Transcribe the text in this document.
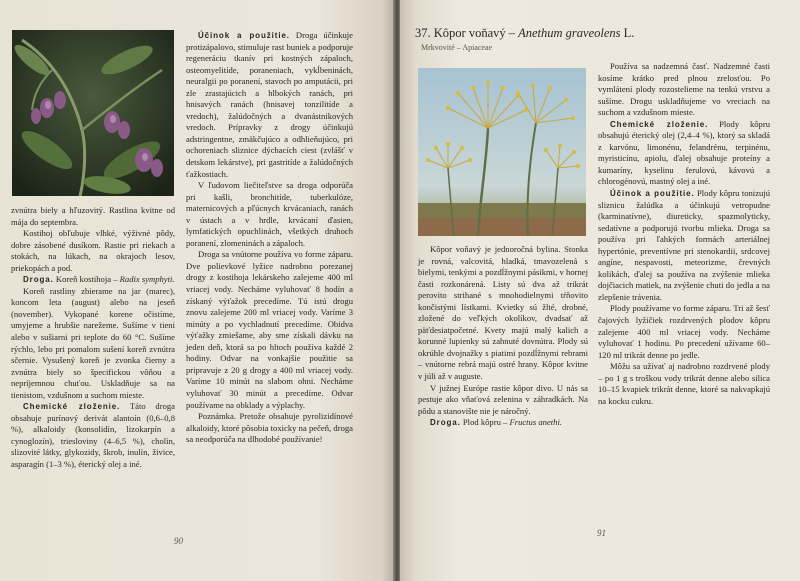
zvnútra biely a hľuzovitý. Rastlina kvitne od mája do septembra.

Kostihoj obľubuje vlhké, výživné pôdy, dobre zásobené dusíkom. Rastie pri riekach a stokách, na lúkach, na okrajoch lesov, priekopách a pod.

Droga. Koreň kostihoja – Radix symphyti.

Koreň rastliny zbierame na jar (marec), koncom leta (august) alebo na jeseň (november). Vykopané korene očistíme, umyjeme a hrubšie narežeme. Sušíme v tieni alebo v sušiarni pri teplote do 60 °C. Sušíme rýchlo, lebo pri pomalom sušení koreň zvnútra sčernie. Vysušený koreň je zvonka čierny a zvnútra biely so špecifickou vôňou a nepríjemnou chuťou. Uskladňuje sa na tienistom, vzdušnom a suchom mieste.

Chemické zloženie. Táto droga obsahuje purínový derivát alantoín (0,6–0,8 %), alkaloidy (konsolidín, lizokarpín a cynoglozín), triesloviny (4–6,5 %), cholín, slizovité látky, glykozidy, škrob, inulín, živice, asparagín (1–3 %), éterický olej a iné.

Účinok a použitie. Droga účinkuje protizápalovo, stimuluje rast buniek a podporuje regeneráciu tkanív pri kostných zápaloch, osteomyelitíde, poraneniach, vykĺbeninách, neuralgii po poranení, stavoch po amputácii, pri zle zrastajúcich a hlbokých ranách, pri hnisavých ranách (hnisavej tonzilitíde a vredoch), žalúdočných a dvanástnikových vredoch. Prípravky z drogy účinkujú adstringentne, zmäkčujúco a odhlieňujúco, pri ochoreniach sliznice dýchacích ciest (zvlášť v detskom lekárstve), pri gastritíde a žalúdočných ťažkostiach.

V ľudovom liečiteľstve sa droga odporúča pri kašli, bronchitíde, tuberkulóze, maternicových a pľúcnych krvácaniach, ranách v ústach a v hrdle, krvácaní ďasien, lymfatických opuchlinách, všetkých druhoch poranení, zlomeninách a zápaloch.

Droga sa vnútorne používa vo forme záparu. Dve polievkové lyžice nadrobno porezanej drogy z kostihoja lekárskeho zalejeme 400 ml vriacej vody. Necháme vyluhovať 8 hodín a získaný výťažok precedíme. Tú istú drogu znovu zalejeme 200 ml vriacej vody. Varíme 3 minúty a po vychladnutí precedíme. Obidva výťažky zmiešame, aby sme získali dávku na jeden deň, ktorá sa po hltoch používa každé 2 hodiny. Odvar na vonkajšie použitie sa pripravuje z 20 g drogy a 400 ml vriacej vody. Varíme 10 minút na slabom ohni. Necháme vyluhovať 30 minút a precedíme. Odvar používame na obklady a výplachy.

Poznámka. Pretože obsahuje pyrolizidínové alkaloidy, ktoré pôsobia toxicky na pečeň, droga sa neodporúča na dlhodobé používanie!

90
37. Kôpor voňavý – Anethum graveolens L.
Mrkvovité – Apiaceae

Kôpor voňavý je jednoročná bylina. Stonka je rovná, valcovitá, hladká, tmavozelená s bielymi, tenkými a pozdĺžnymi pásikmi, v hornej časti rozkonárená. Listy sú dva až trikrát perovito strihané s mnohodielnymi tŕňovito končistými lístkami. Kvietky sú žlté, drobné, zložené do veľkých okolíkov, dvadsať až päťdesiatpočetné. Kvety majú malý kalich a korunné lupienky sú zahnuté dovnútra. Plody sú okrúhle dvojnažky s piatimi pozdĺžnymi rebrami – vnútorne rebrá majú ostré hrany. Kôpor kvitne v júli až v auguste.

V južnej Európe rastie kôpor divo. U nás sa pestuje ako vňaťová zelenina v záhradkách. Na pôdu a stanovište nie je náročný.

Droga. Plod kôpru – Fructus anethi.

Používa sa nadzemná časť. Nadzemné časti kosíme krátko pred plnou zrelosťou. Po vymlátení plody rozostelieme na tenkú vrstvu a sušíme. Drogu uskladňujeme vo vreciach na suchom a vzdušnom mieste.

Chemické zloženie. Plody kôpru obsahujú éterický olej (2,4–4 %), ktorý sa skladá z karvónu, limonénu, felandrénu, terpinénu, myristicínu, apiolu, ďalej obsahuje proteíny a kumaríny, kyselinu ferulovú, kávovú a chlorogénovú, mastný olej a iné.

Účinok a použitie. Plody kôpru tonizujú sliznicu žalúdka a účinkujú vetropudne (karminatívne), diureticky, spazmolyticky, sedatívne a podporujú tvorbu mlieka. Droga sa používa pri ľahkých formách arteriálnej hypertónie, preventívne pri stenokardii, srdcovej angíne, nespavosti, meteorizme, črevných kolikách, ďalej sa používa na zvýšenie mlieka dojčiacich matiek, na zvýšenie chuti do jedla a na zlepšenie trávenia.

Plody používame vo forme záparu. Tri až šesť čajových lyžičiek rozdrvených plodov kôpru zalejeme 400 ml vriacej vody. Necháme vyluhovať 1 hodinu. Po precedení užívame 60–120 ml trikrát denne po jedle.

Môžu sa užívať aj nadrobno rozdrvené plody – po 1 g s troškou vody trikrát denne alebo silica 10–15 kvapiek trikrát denne, ktoré sa nakvapkajú na kocku cukru.

91
